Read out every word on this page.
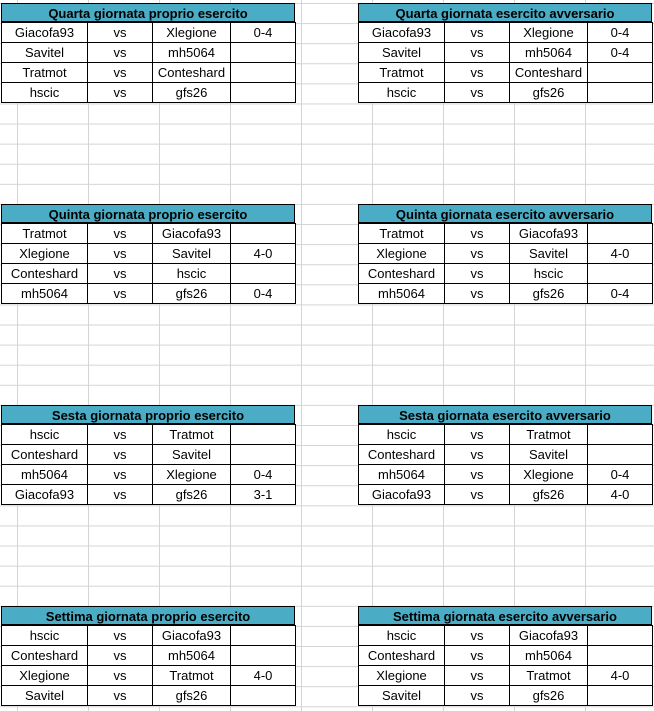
Quarta giornata proprio esercito
Giacofa93	vs	Xlegione	0-4
Savitel	vs	mh5064	
Tratmot	vs	Conteshard	
hscic	vs	gfs26	
Quarta giornata esercito avversario
Giacofa93	vs	Xlegione	0-4
Savitel	vs	mh5064	0-4
Tratmot	vs	Conteshard	
hscic	vs	gfs26	
Quinta giornata proprio esercito
Tratmot	vs	Giacofa93	
Xlegione	vs	Savitel	4-0
Conteshard	vs	hscic	
mh5064	vs	gfs26	0-4
Quinta giornata esercito avversario
Tratmot	vs	Giacofa93	
Xlegione	vs	Savitel	4-0
Conteshard	vs	hscic	
mh5064	vs	gfs26	0-4
Sesta giornata proprio esercito
hscic	vs	Tratmot	
Conteshard	vs	Savitel	
mh5064	vs	Xlegione	0-4
Giacofa93	vs	gfs26	3-1
Sesta giornata esercito avversario
hscic	vs	Tratmot	
Conteshard	vs	Savitel	
mh5064	vs	Xlegione	0-4
Giacofa93	vs	gfs26	4-0
Settima giornata proprio esercito
hscic	vs	Giacofa93	
Conteshard	vs	mh5064	
Xlegione	vs	Tratmot	4-0
Savitel	vs	gfs26	
Settima giornata esercito avversario
hscic	vs	Giacofa93	
Conteshard	vs	mh5064	
Xlegione	vs	Tratmot	4-0
Savitel	vs	gfs26	
